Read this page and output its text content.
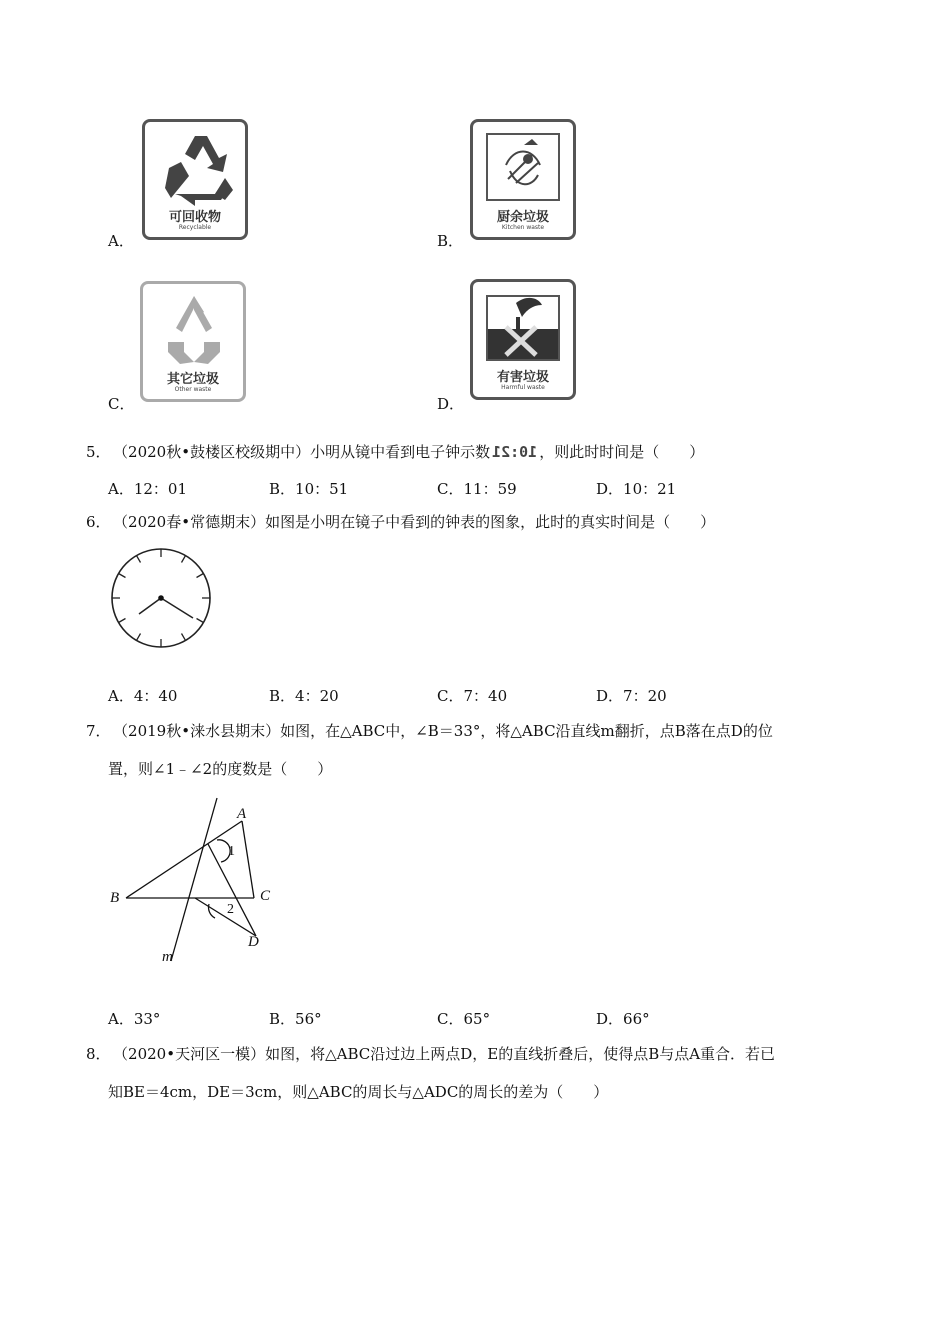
A．
可回收物
Recyclable
B．
厨余垃圾
Kitchen waste
C．
其它垃圾
Other waste
D．
有害垃圾
Harmful waste
5． （2020秋•鼓楼区校级期中）小明从镜中看到电子钟示数 10:21 ，则此时时间是（　　）
A．12：01	B．10：51	C．11：59	D．10：21
6． （2020春•常德期末）如图是小明在镜子中看到的钟表的图象，此时的真实时间是（　　）
A．4：40	B．4：20	C．7：40	D．7：20
7． （2019秋•涞水县期末）如图，在△ABC中，∠B＝33°，将△ABC沿直线m翻折，点B落在点D的位
置，则∠1﹣∠2的度数是（　　）
A
B	C
D
m
1
2
A．33°	B．56°	C．65°	D．66°
8． （2020•天河区一模）如图，将△ABC沿过边上两点D，E的直线折叠后，使得点B与点A重合．若已
知BE＝4cm，DE＝3cm，则△ABC的周长与△ADC的周长的差为（　　）
